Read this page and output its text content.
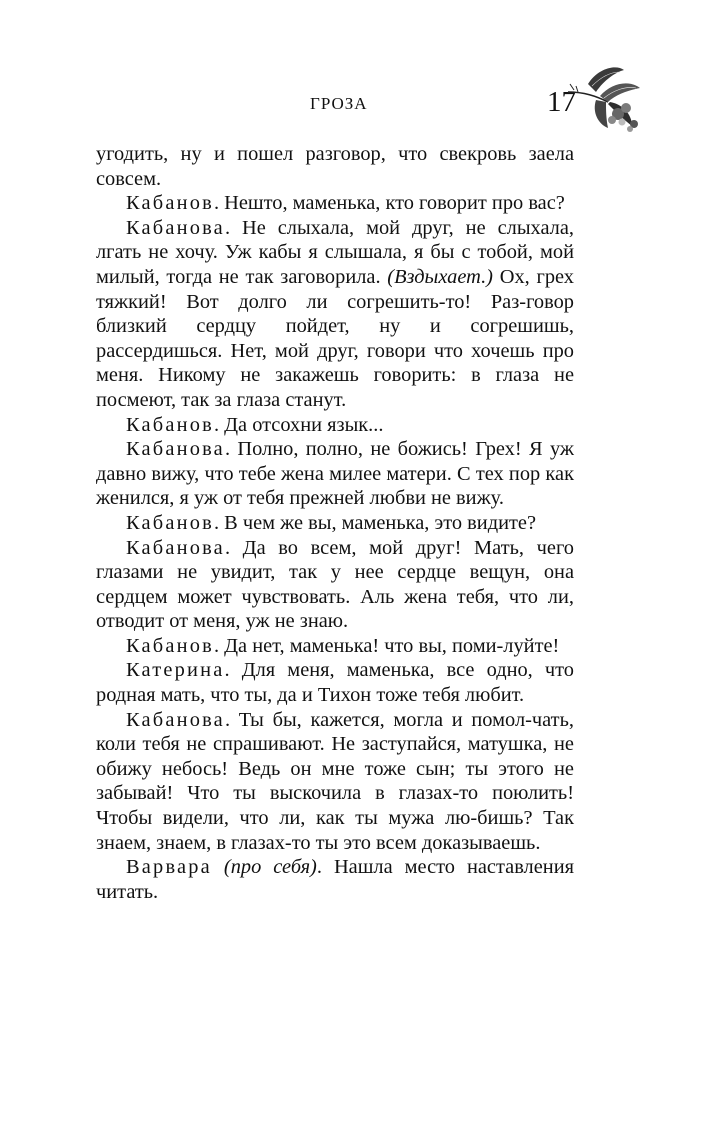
ГРОЗА	17

угодить, ну и пошел разговор, что свекровь заела совсем.

Кабанов. Нешто, маменька, кто говорит про вас?

Кабанова. Не слыхала, мой друг, не слыхала, лгать не хочу. Уж кабы я слышала, я бы с тобой, мой милый, тогда не так заговорила. (Вздыхает.) Ох, грех тяжкий! Вот долго ли согрешить-то! Раз-говор близкий сердцу пойдет, ну и согрешишь, рассердишься. Нет, мой друг, говори что хочешь про меня. Никому не закажешь говорить: в глаза не посмеют, так за глаза станут.

Кабанов. Да отсохни язык...

Кабанова. Полно, полно, не божись! Грех! Я уж давно вижу, что тебе жена милее матери. С тех пор как женился, я уж от тебя прежней любви не вижу.

Кабанов. В чем же вы, маменька, это видите?

Кабанова. Да во всем, мой друг! Мать, чего глазами не увидит, так у нее сердце вещун, она сердцем может чувствовать. Аль жена тебя, что ли, отводит от меня, уж не знаю.

Кабанов. Да нет, маменька! что вы, поми-луйте!

Катерина. Для меня, маменька, все одно, что родная мать, что ты, да и Тихон тоже тебя любит.

Кабанова. Ты бы, кажется, могла и помол-чать, коли тебя не спрашивают. Не заступайся, матушка, не обижу небось! Ведь он мне тоже сын; ты этого не забывай! Что ты выскочила в глазах-то поюлить! Чтобы видели, что ли, как ты мужа лю-бишь? Так знаем, знаем, в глазах-то ты это всем доказываешь.

Варвара (про себя). Нашла место наставления читать.
